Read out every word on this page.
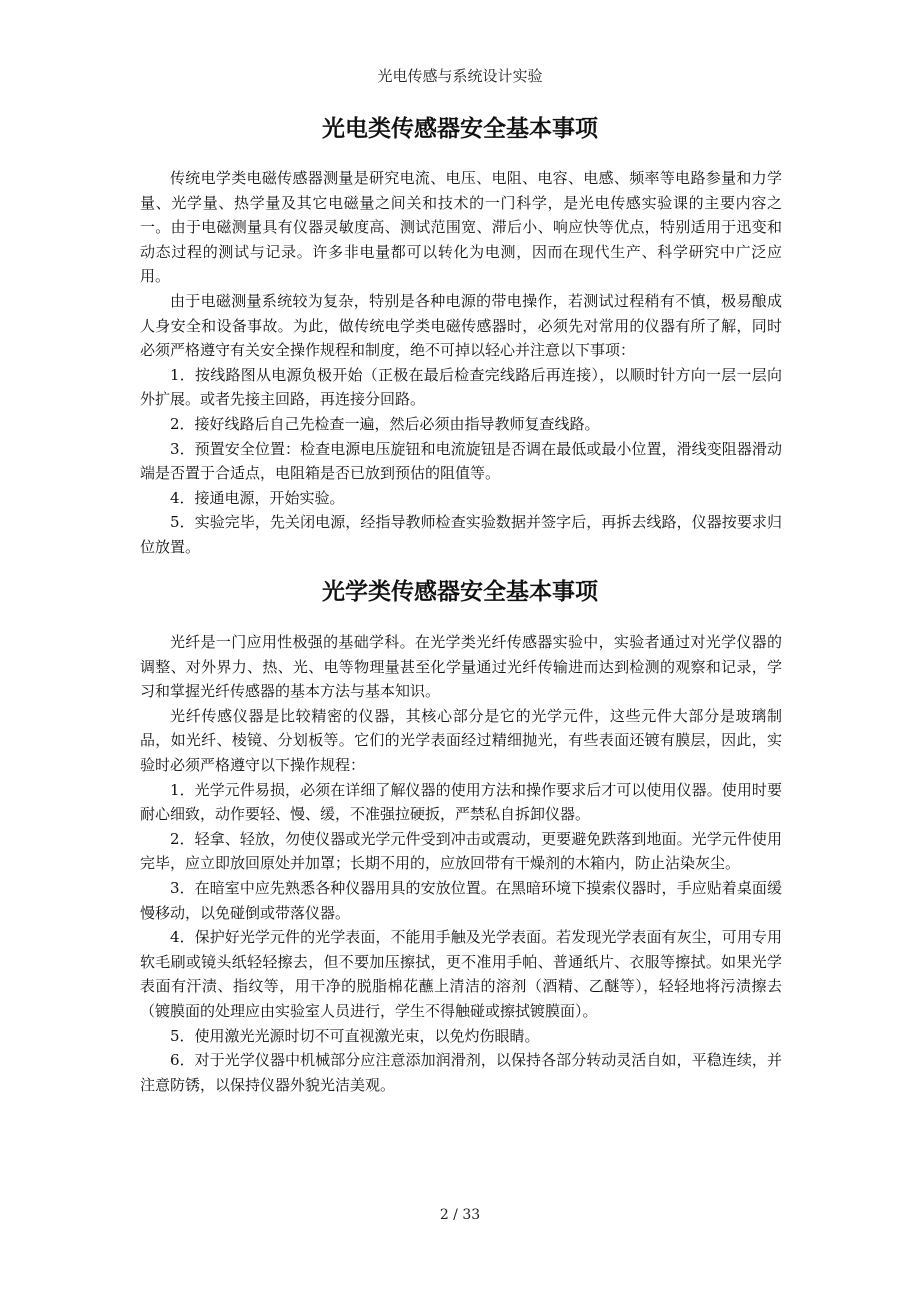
光电传感与系统设计实验
光电类传感器安全基本事项

传统电学类电磁传感器测量是研究电流、电压、电阻、电容、电感、频率等电路参量和力学量、光学量、热学量及其它电磁量之间关和技术的一门科学，是光电传感实验课的主要内容之一。由于电磁测量具有仪器灵敏度高、测试范围宽、滞后小、响应快等优点，特别适用于迅变和动态过程的测试与记录。许多非电量都可以转化为电测，因而在现代生产、科学研究中广泛应用。

由于电磁测量系统较为复杂，特别是各种电源的带电操作，若测试过程稍有不慎，极易酿成人身安全和设备事故。为此，做传统电学类电磁传感器时，必须先对常用的仪器有所了解，同时必须严格遵守有关安全操作规程和制度，绝不可掉以轻心并注意以下事项：

1．按线路图从电源负极开始（正极在最后检查完线路后再连接），以顺时针方向一层一层向外扩展。或者先接主回路，再连接分回路。

2．接好线路后自己先检查一遍，然后必须由指导教师复查线路。

3．预置安全位置：检查电源电压旋钮和电流旋钮是否调在最低或最小位置，滑线变阻器滑动端是否置于合适点，电阻箱是否已放到预估的阻值等。

4．接通电源，开始实验。

5．实验完毕，先关闭电源，经指导教师检查实验数据并签字后，再拆去线路，仪器按要求归位放置。

光学类传感器安全基本事项

光纤是一门应用性极强的基础学科。在光学类光纤传感器实验中，实验者通过对光学仪器的调整、对外界力、热、光、电等物理量甚至化学量通过光纤传输进而达到检测的观察和记录，学习和掌握光纤传感器的基本方法与基本知识。

光纤传感仪器是比较精密的仪器，其核心部分是它的光学元件，这些元件大部分是玻璃制品，如光纤、棱镜、分划板等。它们的光学表面经过精细抛光，有些表面还镀有膜层，因此，实验时必须严格遵守以下操作规程：

1．光学元件易损，必须在详细了解仪器的使用方法和操作要求后才可以使用仪器。使用时要耐心细致，动作要轻、慢、缓，不准强拉硬扳，严禁私自拆卸仪器。

2．轻拿、轻放，勿使仪器或光学元件受到冲击或震动，更要避免跌落到地面。光学元件使用完毕，应立即放回原处并加罩；长期不用的，应放回带有干燥剂的木箱内，防止沾染灰尘。

3．在暗室中应先熟悉各种仪器用具的安放位置。在黑暗环境下摸索仪器时，手应贴着桌面缓慢移动，以免碰倒或带落仪器。

4．保护好光学元件的光学表面，不能用手触及光学表面。若发现光学表面有灰尘，可用专用软毛刷或镜头纸轻轻擦去，但不要加压擦拭，更不准用手帕、普通纸片、衣服等擦拭。如果光学表面有汗渍、指纹等，用干净的脱脂棉花蘸上清洁的溶剂（酒精、乙醚等），轻轻地将污渍擦去（镀膜面的处理应由实验室人员进行，学生不得触碰或擦拭镀膜面）。

5．使用激光光源时切不可直视激光束，以免灼伤眼睛。

6．对于光学仪器中机械部分应注意添加润滑剂，以保持各部分转动灵活自如，平稳连续，并注意防锈，以保持仪器外貌光洁美观。

2 / 33
